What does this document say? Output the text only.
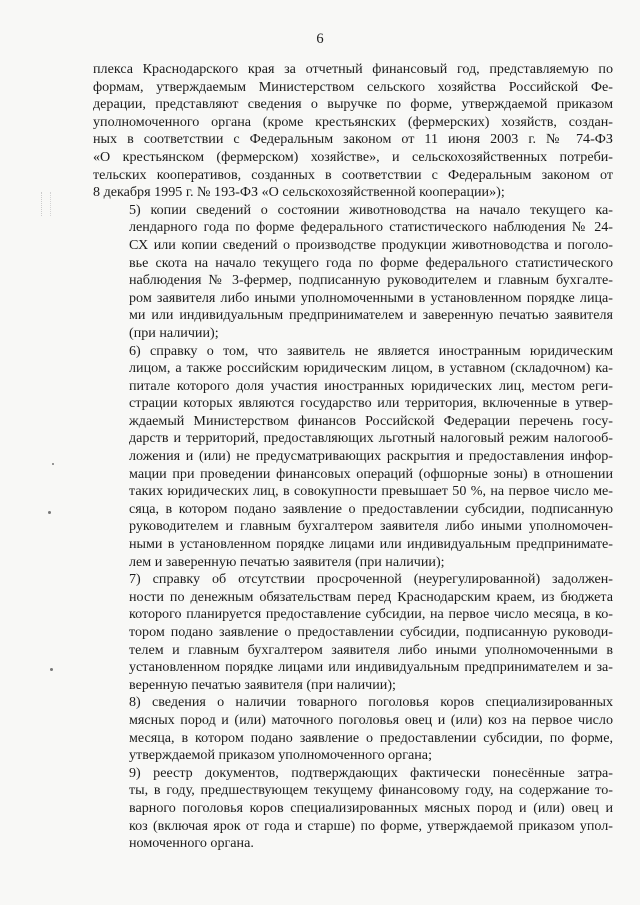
6

плекса Краснодарского края за отчетный финансовый год, представляемую по
формам, утверждаемым Министерством сельского хозяйства Российской Фе-
дерации, представляют сведения о выручке по форме, утверждаемой приказом
уполномоченного органа (кроме крестьянских (фермерских) хозяйств, создан-
ных в соответствии с Федеральным законом от 11 июня 2003 г. № 74-ФЗ
«О крестьянском (фермерском) хозяйстве», и сельскохозяйственных потреби-
тельских кооперативов, созданных в соответствии с Федеральным законом от
8 декабря 1995 г. № 193-ФЗ «О сельскохозяйственной кооперации»);

5) копии сведений о состоянии животноводства на начало текущего ка-
лендарного года по форме федерального статистического наблюдения № 24-
СХ или копии сведений о производстве продукции животноводства и поголо-
вье скота на начало текущего года по форме федерального статистического
наблюдения № 3-фермер, подписанную руководителем и главным бухгалте-
ром заявителя либо иными уполномоченными в установленном порядке лица-
ми или индивидуальным предпринимателем и заверенную печатью заявителя
(при наличии);

6) справку о том, что заявитель не является иностранным юридическим
лицом, а также российским юридическим лицом, в уставном (складочном) ка-
питале которого доля участия иностранных юридических лиц, местом реги-
страции которых являются государство или территория, включенные в утвер-
ждаемый Министерством финансов Российской Федерации перечень госу-
дарств и территорий, предоставляющих льготный налоговый режим налогооб-
ложения и (или) не предусматривающих раскрытия и предоставления инфор-
мации при проведении финансовых операций (офшорные зоны) в отношении
таких юридических лиц, в совокупности превышает 50 %, на первое число ме-
сяца, в котором подано заявление о предоставлении субсидии, подписанную
руководителем и главным бухгалтером заявителя либо иными уполномочен-
ными в установленном порядке лицами или индивидуальным предпринимате-
лем и заверенную печатью заявителя (при наличии);

7) справку об отсутствии просроченной (неурегулированной) задолжен-
ности по денежным обязательствам перед Краснодарским краем, из бюджета
которого планируется предоставление субсидии, на первое число месяца, в ко-
тором подано заявление о предоставлении субсидии, подписанную руководи-
телем и главным бухгалтером заявителя либо иными уполномоченными в
установленном порядке лицами или индивидуальным предпринимателем и за-
веренную печатью заявителя (при наличии);

8) сведения о наличии товарного поголовья коров специализированных
мясных пород и (или) маточного поголовья овец и (или) коз на первое число
месяца, в котором подано заявление о предоставлении субсидии, по форме,
утверждаемой приказом уполномоченного органа;

9) реестр документов, подтверждающих фактически понесённые затра-
ты, в году, предшествующем текущему финансовому году, на содержание то-
варного поголовья коров специализированных мясных пород и (или) овец и
коз (включая ярок от года и старше) по форме, утверждаемой приказом упол-
номоченного органа.
